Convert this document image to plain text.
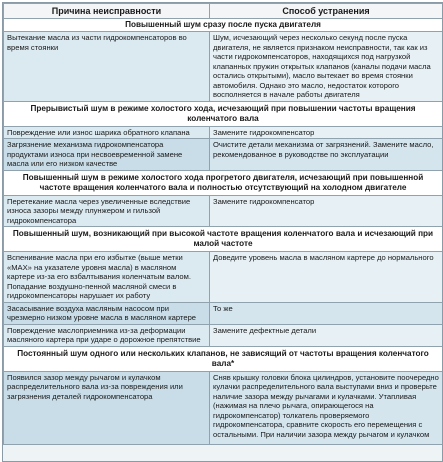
Причина неисправности	Способ устранения
Повышенный шум сразу после пуска двигателя	
Вытекание масла из части гидрокомпенсаторов во время стоянки	Шум, исчезающий через несколько секунд после пуска двигателя, не является признаком неисправности, так как из части гидрокомпенсаторов, находящихся под нагрузкой клапанных пружин открытых клапанов (каналы подачи масла остались открытыми), масло вытекает во время стоянки автомобиля. Однако это масло, недостаток которого восполняется в начале работы двигателя
Прерывистый шум в режиме холостого хода, исчезающий при повышении частоты вращения коленчатого вала	
Повреждение или износ шарика обратного клапана	Замените гидрокомпенсатор
Загрязнение механизма гидрокомпенсатора продуктами износа при несвоевременной замене масла или его низком качестве	Очистите детали механизма от загрязнений. Замените масло, рекомендованное в руководстве по эксплуатации
Повышенный шум в режиме холостого хода прогретого двигателя, исчезающий при повышенной частоте вращения коленчатого вала и полностью отсутствующий на холодном двигателе	
Перетекание масла через увеличенные вследствие износа зазоры между плунжером и гильзой гидрокомпенсатора	Замените гидрокомпенсатор
Повышенный шум, возникающий при высокой частоте вращения коленчатого вала и исчезающий при малой частоте	
Вспенивание масла при его избытке (выше метки «MAX» на указателе уровня масла) в масляном картере из-за его взбалтывания коленчатым валом. Попадание воздушно-пенной масляной смеси в гидрокомпенсаторы нарушает их работу	Доведите уровень масла в масляном картере до нормального
Засасывание воздуха масляным насосом при чрезмерно низком уровне масла в масляном картере	То же
Повреждение маслоприемника из-за деформации масляного картера при ударе о дорожное препятствие	Замените дефектные детали
Постоянный шум одного или нескольких клапанов, не зависящий от частоты вращения коленчатого вала*	
Появился зазор между рычагом и кулачком распределительного вала из-за повреждения или загрязнения деталей гидрокомпенсатора	Сняв крышку головки блока цилиндров, установите поочередно кулачки распределительного вала выступами вниз и проверьте наличие зазора между рычагами и кулачками. Утапливая (нажимая на плечо рычага, опирающегося на гидрокомпенсатор) толкатель проверяемого гидрокомпенсатора, сравните скорость его перемещения с остальными. При наличии зазора между рычагом и кулачком
